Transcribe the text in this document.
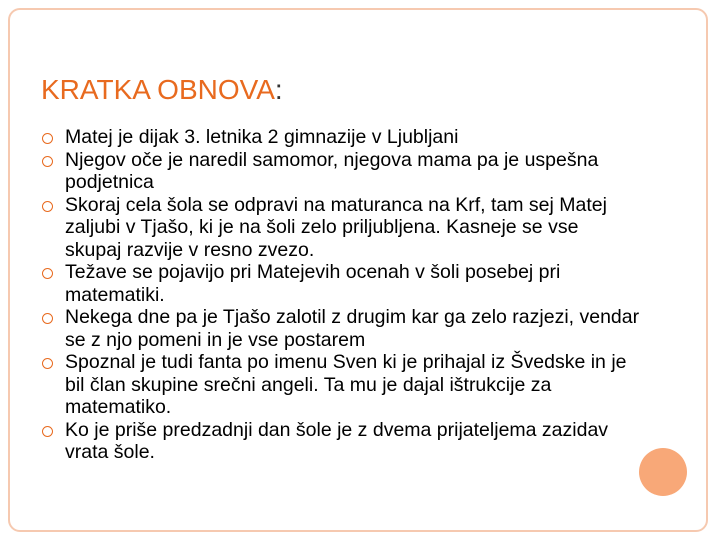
KRATKA OBNOVA:
Matej je dijak 3. letnika 2 gimnazije v Ljubljani
Njegov oče je naredil samomor, njegova mama pa je uspešna podjetnica
Skoraj cela šola se odpravi na maturanca na Krf, tam sej Matej zaljubi v Tjašo, ki je na šoli zelo priljubljena. Kasneje se vse skupaj razvije v resno zvezo.
Težave se pojavijo pri Matejevih ocenah v šoli posebej pri matematiki.
Nekega dne pa je Tjašo zalotil z drugim kar ga zelo razjezi, vendar se z njo pomeni in je vse postarem
Spoznal je tudi fanta po imenu Sven ki je prihajal iz Švedske in je bil član skupine srečni angeli. Ta mu je dajal ištrukcije za matematiko.
Ko je priše predzadnji dan šole je z dvema prijateljema zazidav vrata šole.
